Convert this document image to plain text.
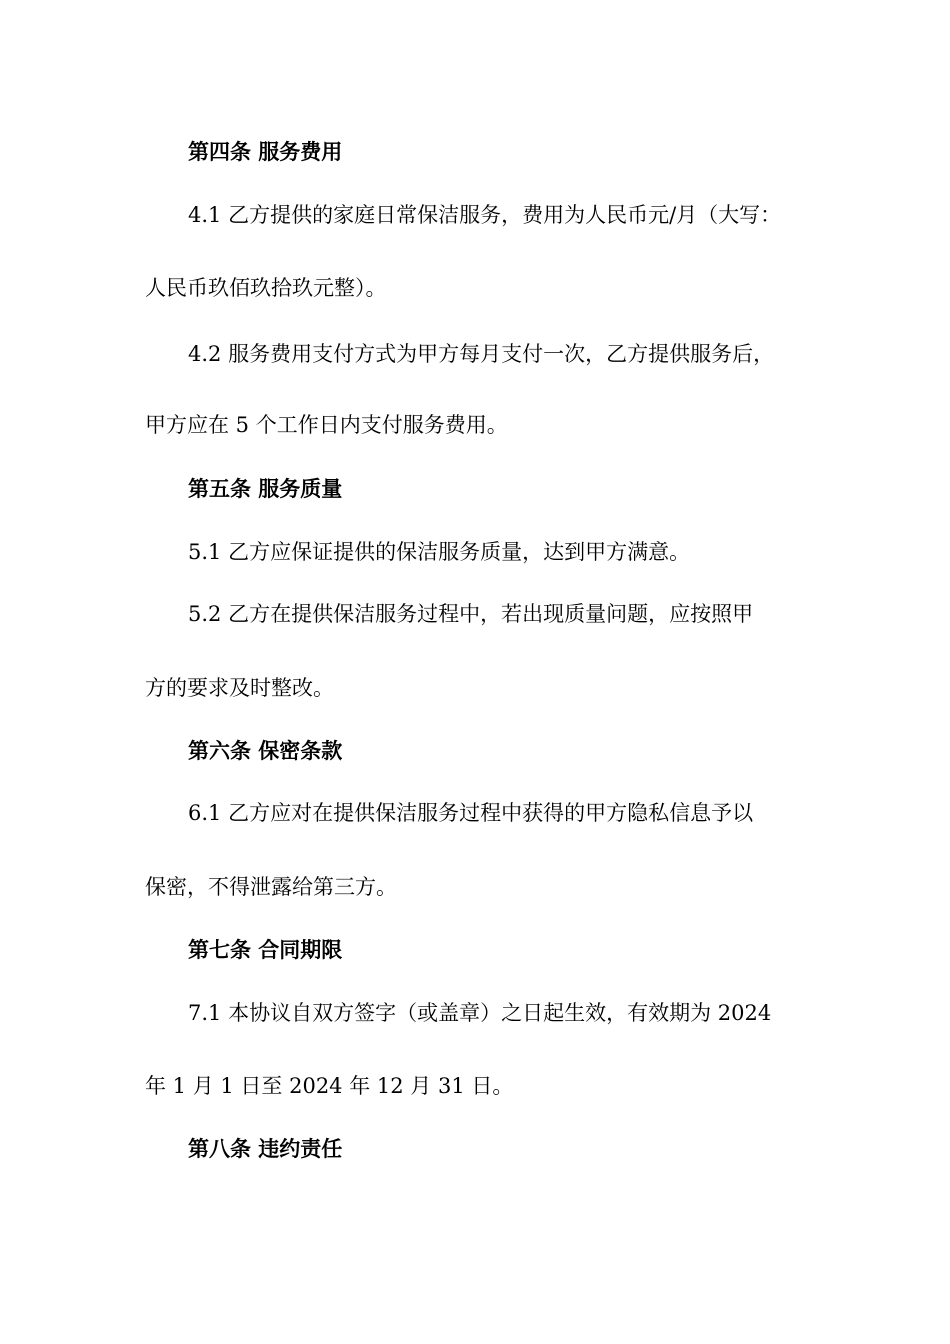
第四条 服务费用
4.1 乙方提供的家庭日常保洁服务，费用为人民币元/月（大写：
人民币玖佰玖拾玖元整）。
4.2 服务费用支付方式为甲方每月支付一次，乙方提供服务后，
甲方应在 5 个工作日内支付服务费用。
第五条 服务质量
5.1 乙方应保证提供的保洁服务质量，达到甲方满意。
5.2 乙方在提供保洁服务过程中，若出现质量问题，应按照甲
方的要求及时整改。
第六条 保密条款
6.1 乙方应对在提供保洁服务过程中获得的甲方隐私信息予以
保密，不得泄露给第三方。
第七条 合同期限
7.1 本协议自双方签字（或盖章）之日起生效，有效期为 2024
年 1 月 1 日至 2024 年 12 月 31 日。
第八条 违约责任
